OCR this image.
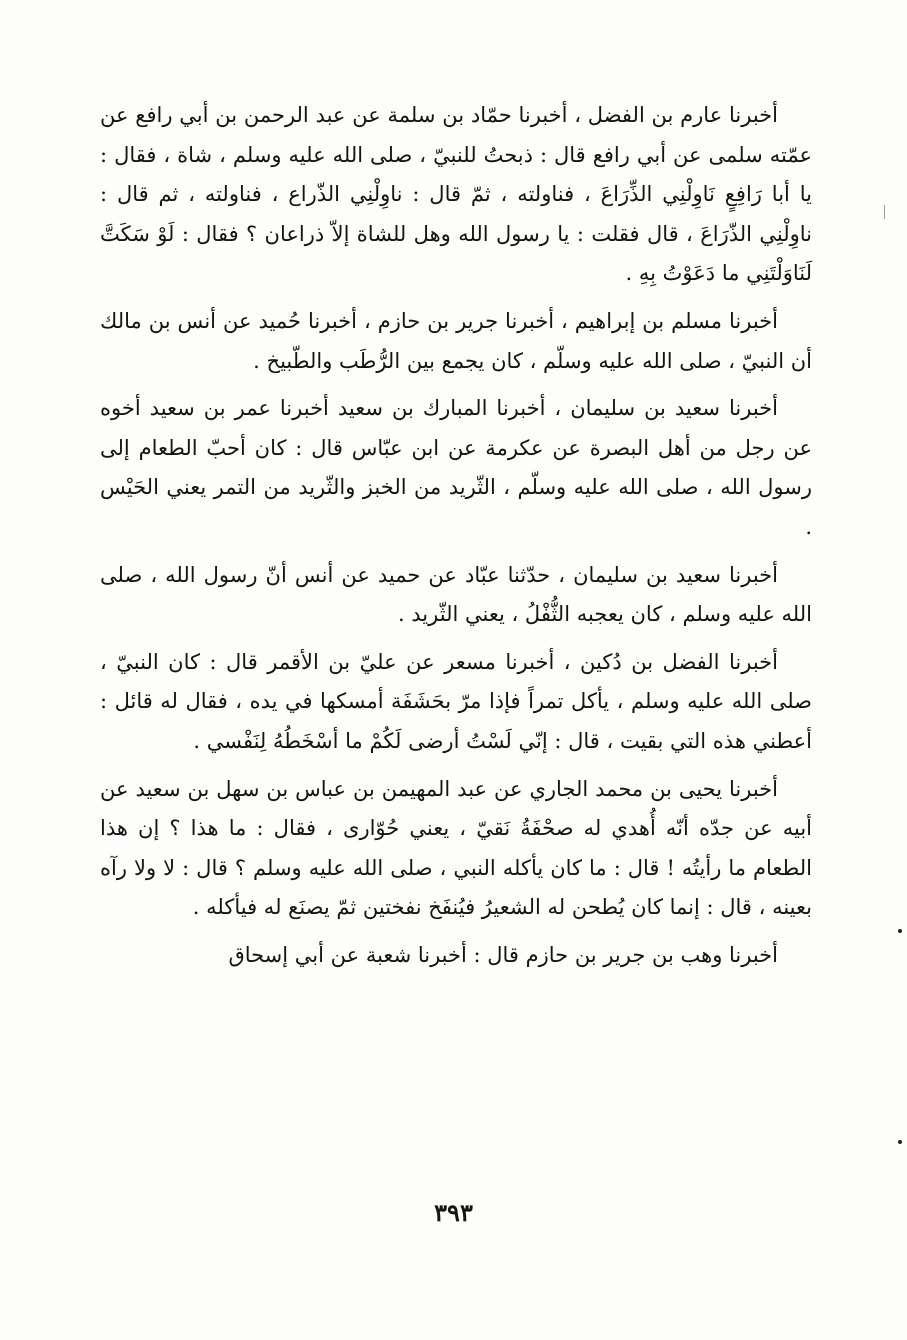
أخبرنا عارم بن الفضل ، أخبرنا حمّاد بن سلمة عن عبد الرحمن بن أبي رافع عن عمّته سلمى عن أبي رافع قال : ذبحتُ للنبيّ ، صلى الله عليه وسلم ، شاة ، فقال : يا أبا رَافِعٍ نَاوِلْنِي الذِّرَاعَ ، فناولته ، ثمّ قال : ناوِلْنِي الذّراع ، فناولته ، ثم قال : ناوِلْنِي الذّرَاعَ ، قال فقلت : يا رسول الله وهل للشاة إلاّ ذراعان ؟ فقال : لَوْ سَكَتَّ لَنَاوَلْتَنِي ما دَعَوْتُ بِهِ .

أخبرنا مسلم بن إبراهيم ، أخبرنا جرير بن حازم ، أخبرنا حُميد عن أنس بن مالك أن النبيّ ، صلى الله عليه وسلّم ، كان يجمع بين الرُّطَب والطّبيخ .

أخبرنا سعيد بن سليمان ، أخبرنا المبارك بن سعيد أخبرنا عمر بن سعيد أخوه عن رجل من أهل البصرة عن عكرمة عن ابن عبّاس قال : كان أحبّ الطعام إلى رسول الله ، صلى الله عليه وسلّم ، الثّريد من الخبز والثّريد من التمر يعني الحَيْس .

أخبرنا سعيد بن سليمان ، حدّثنا عبّاد عن حميد عن أنس أنّ رسول الله ، صلى الله عليه وسلم ، كان يعجبه الثُّفْلُ ، يعني الثّريد .

أخبرنا الفضل بن دُكين ، أخبرنا مسعر عن عليّ بن الأقمر قال : كان النبيّ ، صلى الله عليه وسلم ، يأكل تمراً فإذا مرّ بحَشَفَة أمسكها في يده ، فقال له قائل : أعطني هذه التي بقيت ، قال : إنّي لَسْتُ أرضى لَكُمْ ما أسْخَطُهُ لِنَفْسي .

أخبرنا يحيى بن محمد الجاري عن عبد المهيمن بن عباس بن سهل بن سعيد عن أبيه عن جدّه أنّه أُهدي له صحْفَةُ نَقيّ ، يعني حُوّارى ، فقال : ما هذا ؟ إن هذا الطعام ما رأيتُه ! قال : ما كان يأكله النبي ، صلى الله عليه وسلم ؟ قال : لا ولا رآه بعينه ، قال : إنما كان يُطحن له الشعيرُ فيُنفَخ نفختين ثمّ يصنَع له فيأكله .

أخبرنا وهب بن جرير بن حازم قال : أخبرنا شعبة عن أبي إسحاق

٣٩٣
